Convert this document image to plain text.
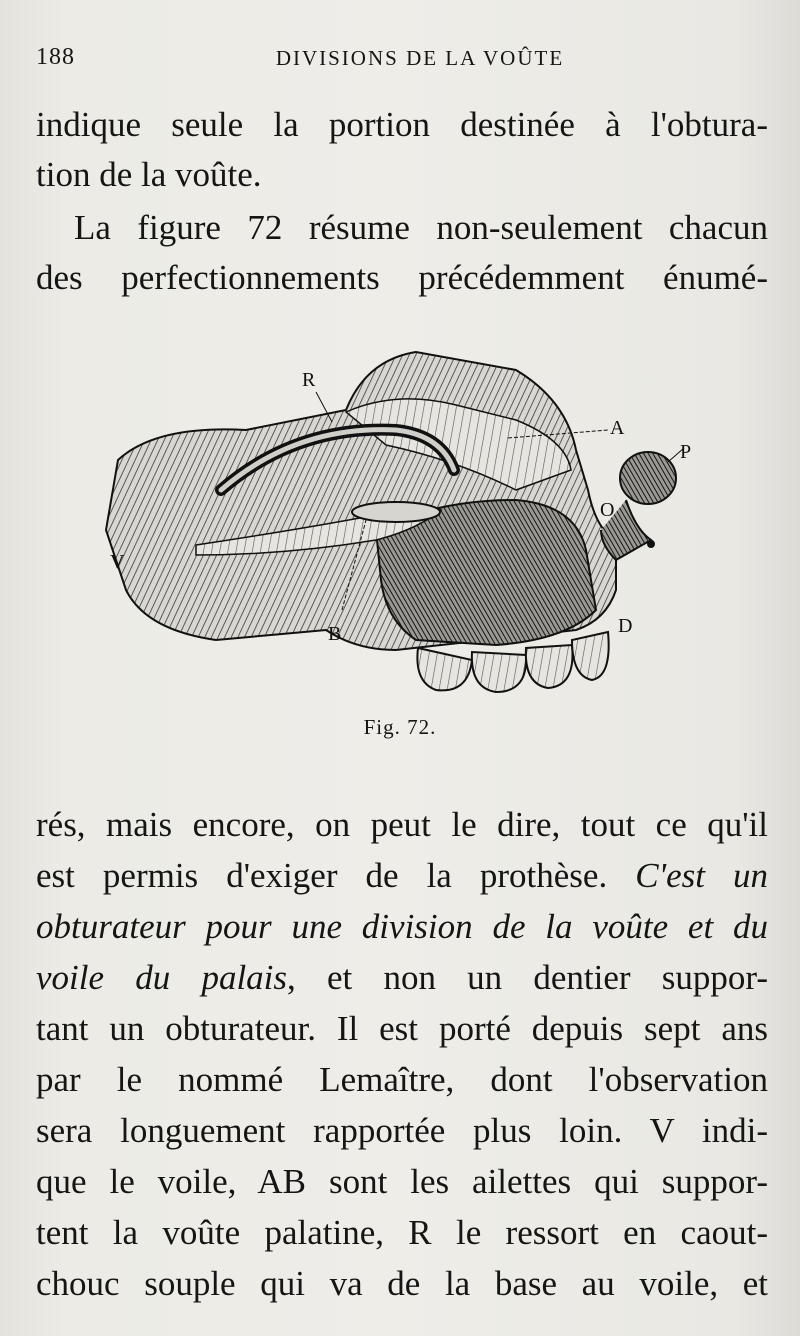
188	DIVISIONS DE LA VOÛTE
indique seule la portion destinée à l'obtura-
tion de la voûte.
La figure 72 résume non-seulement chacun
des perfectionnements précédemment énumé-
R
A
P
O
V
B	D
Fig. 72.
rés, mais encore, on peut le dire, tout ce qu'il
est permis d'exiger de la prothèse. C'est un
obturateur pour une division de la voûte et du
voile du palais, et non un dentier suppor-
tant un obturateur. Il est porté depuis sept ans
par le nommé Lemaître, dont l'observation
sera longuement rapportée plus loin. V indi-
que le voile, AB sont les ailettes qui suppor-
tent la voûte palatine, R le ressort en caout-
chouc souple qui va de la base au voile, et
